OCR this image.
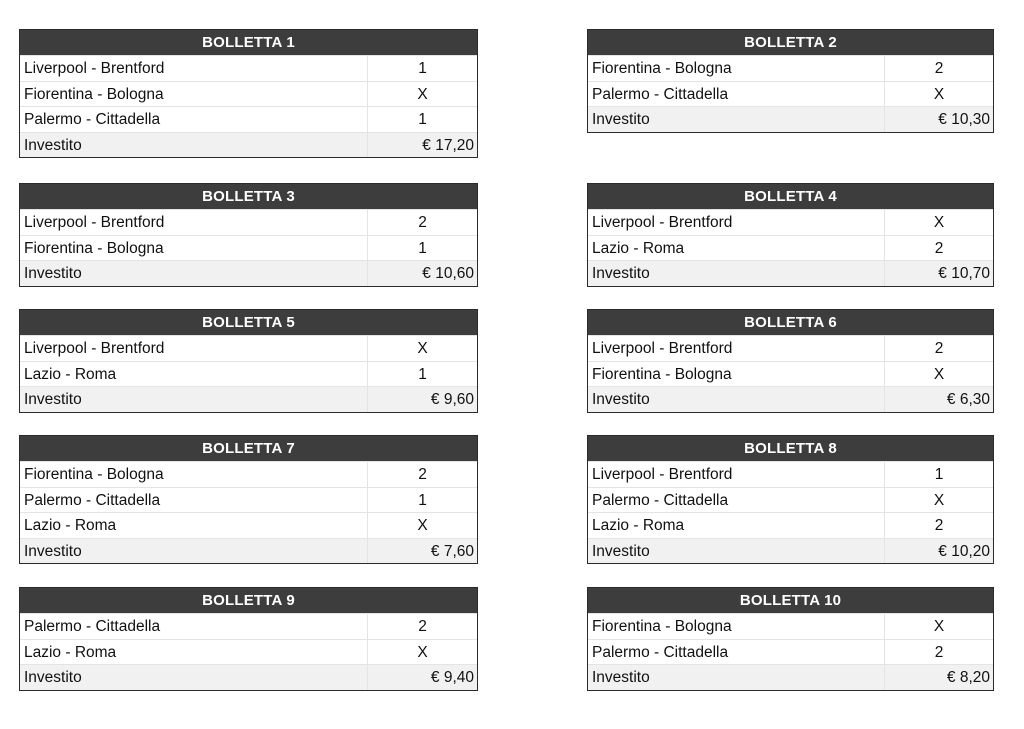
BOLLETTA 1
Liverpool - Brentford	1
Fiorentina - Bologna	X
Palermo - Cittadella	1
Investito	€ 17,20
BOLLETTA 3
Liverpool - Brentford	2
Fiorentina - Bologna	1
Investito	€ 10,60
BOLLETTA 5
Liverpool - Brentford	X
Lazio - Roma	1
Investito	€ 9,60
BOLLETTA 7
Fiorentina - Bologna	2
Palermo - Cittadella	1
Lazio - Roma	X
Investito	€ 7,60
BOLLETTA 9
Palermo - Cittadella	2
Lazio - Roma	X
Investito	€ 9,40
BOLLETTA 2
Fiorentina - Bologna	2
Palermo - Cittadella	X
Investito	€ 10,30
BOLLETTA 4
Liverpool - Brentford	X
Lazio - Roma	2
Investito	€ 10,70
BOLLETTA 6
Liverpool - Brentford	2
Fiorentina - Bologna	X
Investito	€ 6,30
BOLLETTA 8
Liverpool - Brentford	1
Palermo - Cittadella	X
Lazio - Roma	2
Investito	€ 10,20
BOLLETTA 10
Fiorentina - Bologna	X
Palermo - Cittadella	2
Investito	€ 8,20
